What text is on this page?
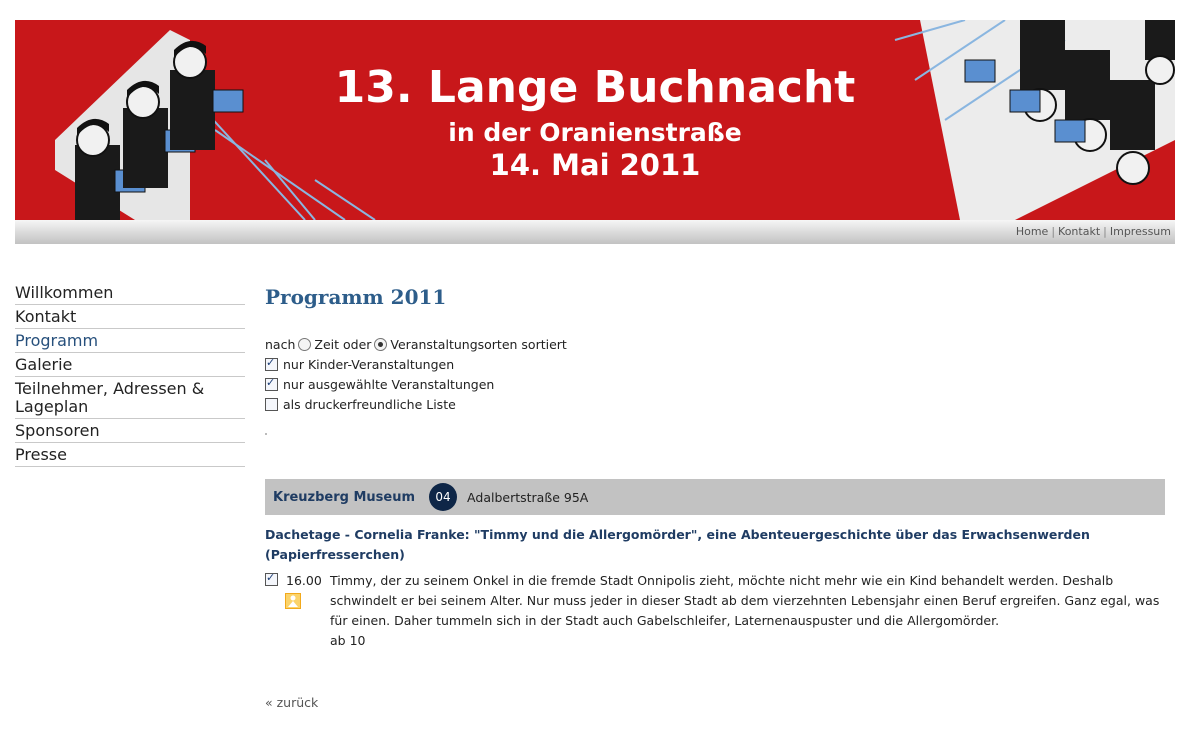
13. Lange Buchnacht
in der Oranienstraße
14. Mai 2011
Home | Kontakt | Impressum
Willkommen
Kontakt
Programm
Galerie
Teilnehmer, Adressen & Lageplan
Sponsoren
Presse
Programm 2011
nach Zeit oder Veranstaltungsorten sortiert
✓
nur Kinder-Veranstaltungen
✓
nur ausgewählte Veranstaltungen
als druckerfreundliche Liste
Kreuzberg Museum	04	Adalbertstraße 95A
Dachetage - Cornelia Franke: "Timmy und die Allergomörder", eine Abenteuergeschichte über das Erwachsenwerden (Papierfresserchen)
✓
16.00 Timmy, der zu seinem Onkel in die fremde Stadt Onnipolis zieht, möchte nicht mehr wie ein Kind behandelt werden. Deshalb schwindelt er bei seinem Alter. Nur muss jeder in dieser Stadt ab dem vierzehnten Lebensjahr einen Beruf ergreifen. Ganz egal, was für einen. Daher tummeln sich in der Stadt auch Gabelschleifer, Laternenauspuster und die Allergomörder.
ab 10
« zurück
